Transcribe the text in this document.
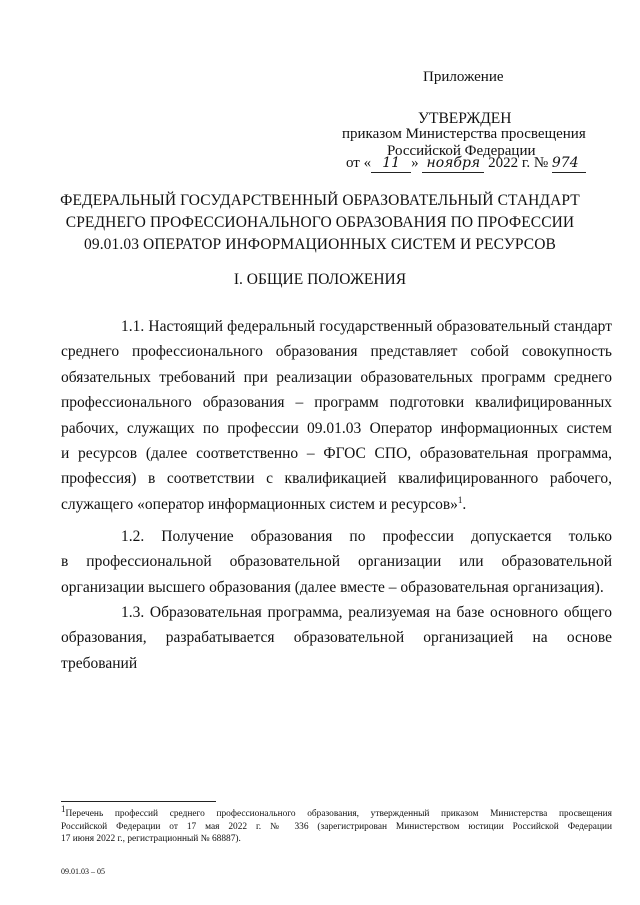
Приложение
УТВЕРЖДЕН
приказом Министерства просвещения
Российской Федерации
от « 11 » ноября 2022 г. № 974
ФЕДЕРАЛЬНЫЙ ГОСУДАРСТВЕННЫЙ ОБРАЗОВАТЕЛЬНЫЙ СТАНДАРТ
СРЕДНЕГО ПРОФЕССИОНАЛЬНОГО ОБРАЗОВАНИЯ ПО ПРОФЕССИИ
09.01.03 ОПЕРАТОР ИНФОРМАЦИОННЫХ СИСТЕМ И РЕСУРСОВ
I. ОБЩИЕ ПОЛОЖЕНИЯ
1.1. Настоящий федеральный государственный образовательный стандарт
среднего профессионального образования представляет собой совокупность
обязательных требований при реализации образовательных программ среднего
профессионального образования – программ подготовки квалифицированных
рабочих, служащих по профессии 09.01.03 Оператор информационных систем
и ресурсов (далее соответственно – ФГОС СПО, образовательная программа,
профессия) в соответствии с квалификацией квалифицированного рабочего,
служащего «оператор информационных систем и ресурсов»$^1$.
1.2. Получение образования по профессии допускается только
в профессиональной образовательной организации или образовательной
организации высшего образования (далее вместе – образовательная организация).
1.3. Образовательная программа, реализуемая на базе основного общего
образования, разрабатывается образовательной организацией на основе требований
$^1$Перечень профессий среднего профессионального образования, утвержденный приказом Министерства просвещения
Российской Федерации от 17 мая 2022 г. № 336 (зарегистрирован Министерством юстиции Российской Федерации
17 июня 2022 г., регистрационный № 68887).
09.01.03 – 05
